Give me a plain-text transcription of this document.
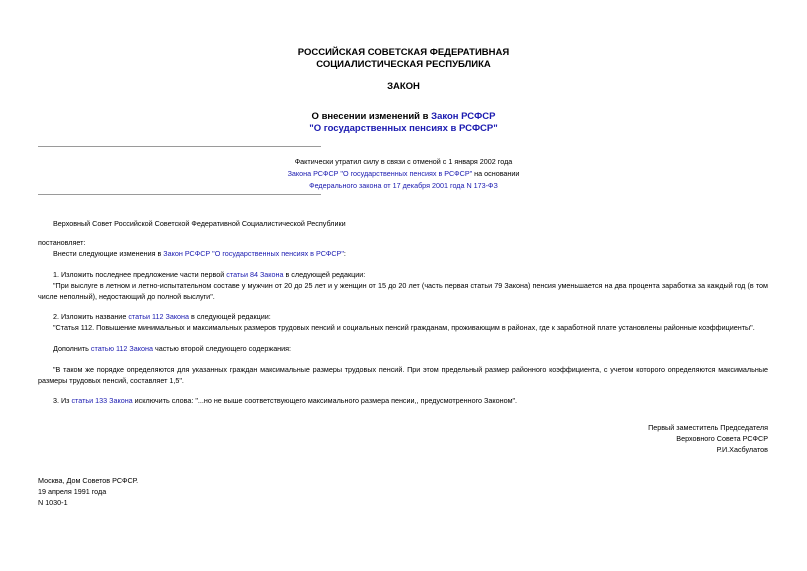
РОССИЙСКАЯ СОВЕТСКАЯ ФЕДЕРАТИВНАЯ
СОЦИАЛИСТИЧЕСКАЯ РЕСПУБЛИКА
ЗАКОН
О внесении изменений в Закон РСФСР
"О государственных пенсиях в РСФСР"
Фактически утратил силу в связи с отменой с 1 января 2002 года
Закона РСФСР "О государственных пенсиях в РСФСР" на основании
Федерального закона от 17 декабря 2001 года N 173-ФЗ
Верховный Совет Российской Советской Федеративной Социалистической Республики
постановляет:
Внести следующие изменения в Закон РСФСР "О государственных пенсиях в РСФСР":
1. Изложить последнее предложение части первой статьи 84 Закона в следующей редакции:
"При выслуге в летном и летно-испытательном составе у мужчин от 20 до 25 лет и у женщин от 15 до 20 лет (часть первая статьи 79 Закона) пенсия уменьшается на два процента заработка за каждый год (в том числе неполный), недостающий до полной выслуги".
2. Изложить название статьи 112 Закона в следующей редакции:
"Статья 112. Повышение минимальных и максимальных размеров трудовых пенсий и социальных пенсий гражданам, проживающим в районах, где к заработной плате установлены районные коэффициенты".
Дополнить статью 112 Закона частью второй следующего содержания:
"В таком же порядке определяются для указанных граждан максимальные размеры трудовых пенсий. При этом предельный размер районного коэффициента, с учетом которого определяются максимальные размеры трудовых пенсий, составляет 1,5".
3. Из статьи 133 Закона исключить слова: "...но не выше соответствующего максимального размера пенсии,, предусмотренного Законом".
Первый заместитель Председателя
Верховного Совета РСФСР
Р.И.Хасбулатов
Москва, Дом Советов РСФСР.
19 апреля 1991 года
N 1030-1
